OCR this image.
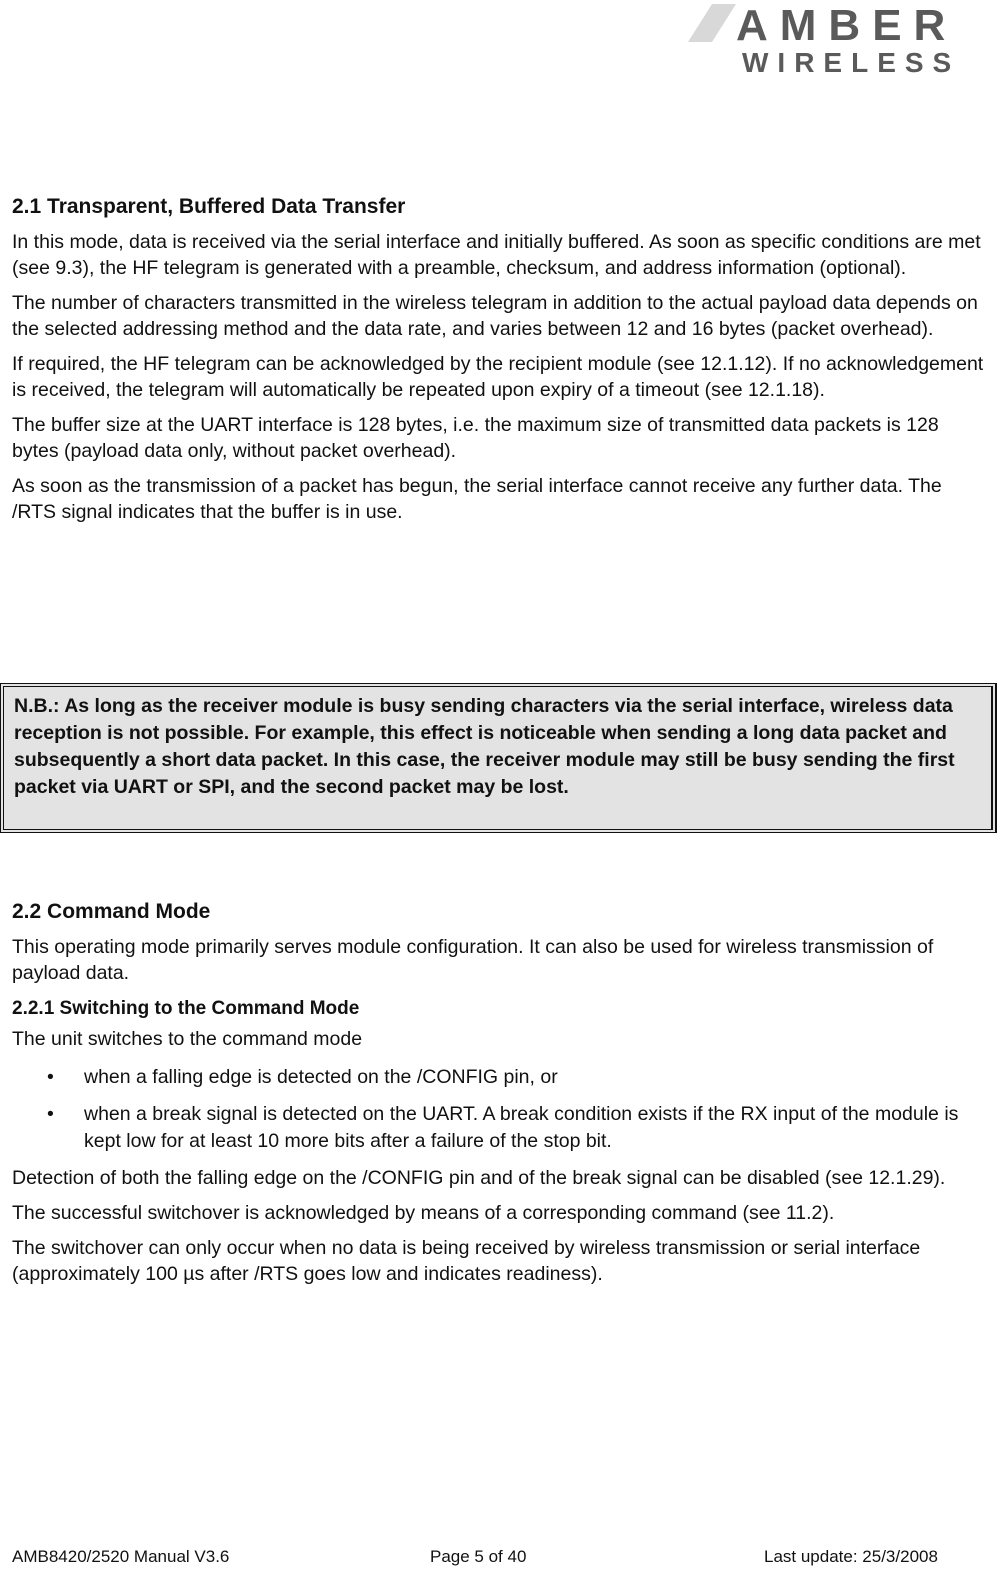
AMBER
WIRELESS
2.1 Transparent, Buffered Data Transfer

In this mode, data is received via the serial interface and initially buffered. As soon as specific conditions are met (see 9.3), the HF telegram is generated with a preamble, checksum, and address information (optional).

The number of characters transmitted in the wireless telegram in addition to the actual payload data depends on the selected addressing method and the data rate, and varies between 12 and 16 bytes (packet overhead).

If required, the HF telegram can be acknowledged by the recipient module (see 12.1.12). If no acknowledgement is received, the telegram will automatically be repeated upon expiry of a timeout (see 12.1.18).

The buffer size at the UART interface is 128 bytes, i.e. the maximum size of transmitted data packets is 128 bytes (payload data only, without packet overhead).

As soon as the transmission of a packet has begun, the serial interface cannot receive any further data. The /RTS signal indicates that the buffer is in use.

N.B.: As long as the receiver module is busy sending characters via the serial interface, wireless data reception is not possible. For example, this effect is noticeable when sending a long data packet and subsequently a short data packet. In this case, the receiver module may still be busy sending the first packet via UART or SPI, and the second packet may be lost.

2.2 Command Mode

This operating mode primarily serves module configuration. It can also be used for wireless transmission of payload data.

2.2.1 Switching to the Command Mode

The unit switches to the command mode

• when a falling edge is detected on the /CONFIG pin, or
• when a break signal is detected on the UART. A break condition exists if the RX input of the module is kept low for at least 10 more bits after a failure of the stop bit.

Detection of both the falling edge on the /CONFIG pin and of the break signal can be disabled (see 12.1.29).

The successful switchover is acknowledged by means of a corresponding command (see 11.2).

The switchover can only occur when no data is being received by wireless transmission or serial interface (approximately 100 µs after /RTS goes low and indicates readiness).

AMB8420/2520 Manual V3.6	Page 5 of 40	Last update: 25/3/2008
